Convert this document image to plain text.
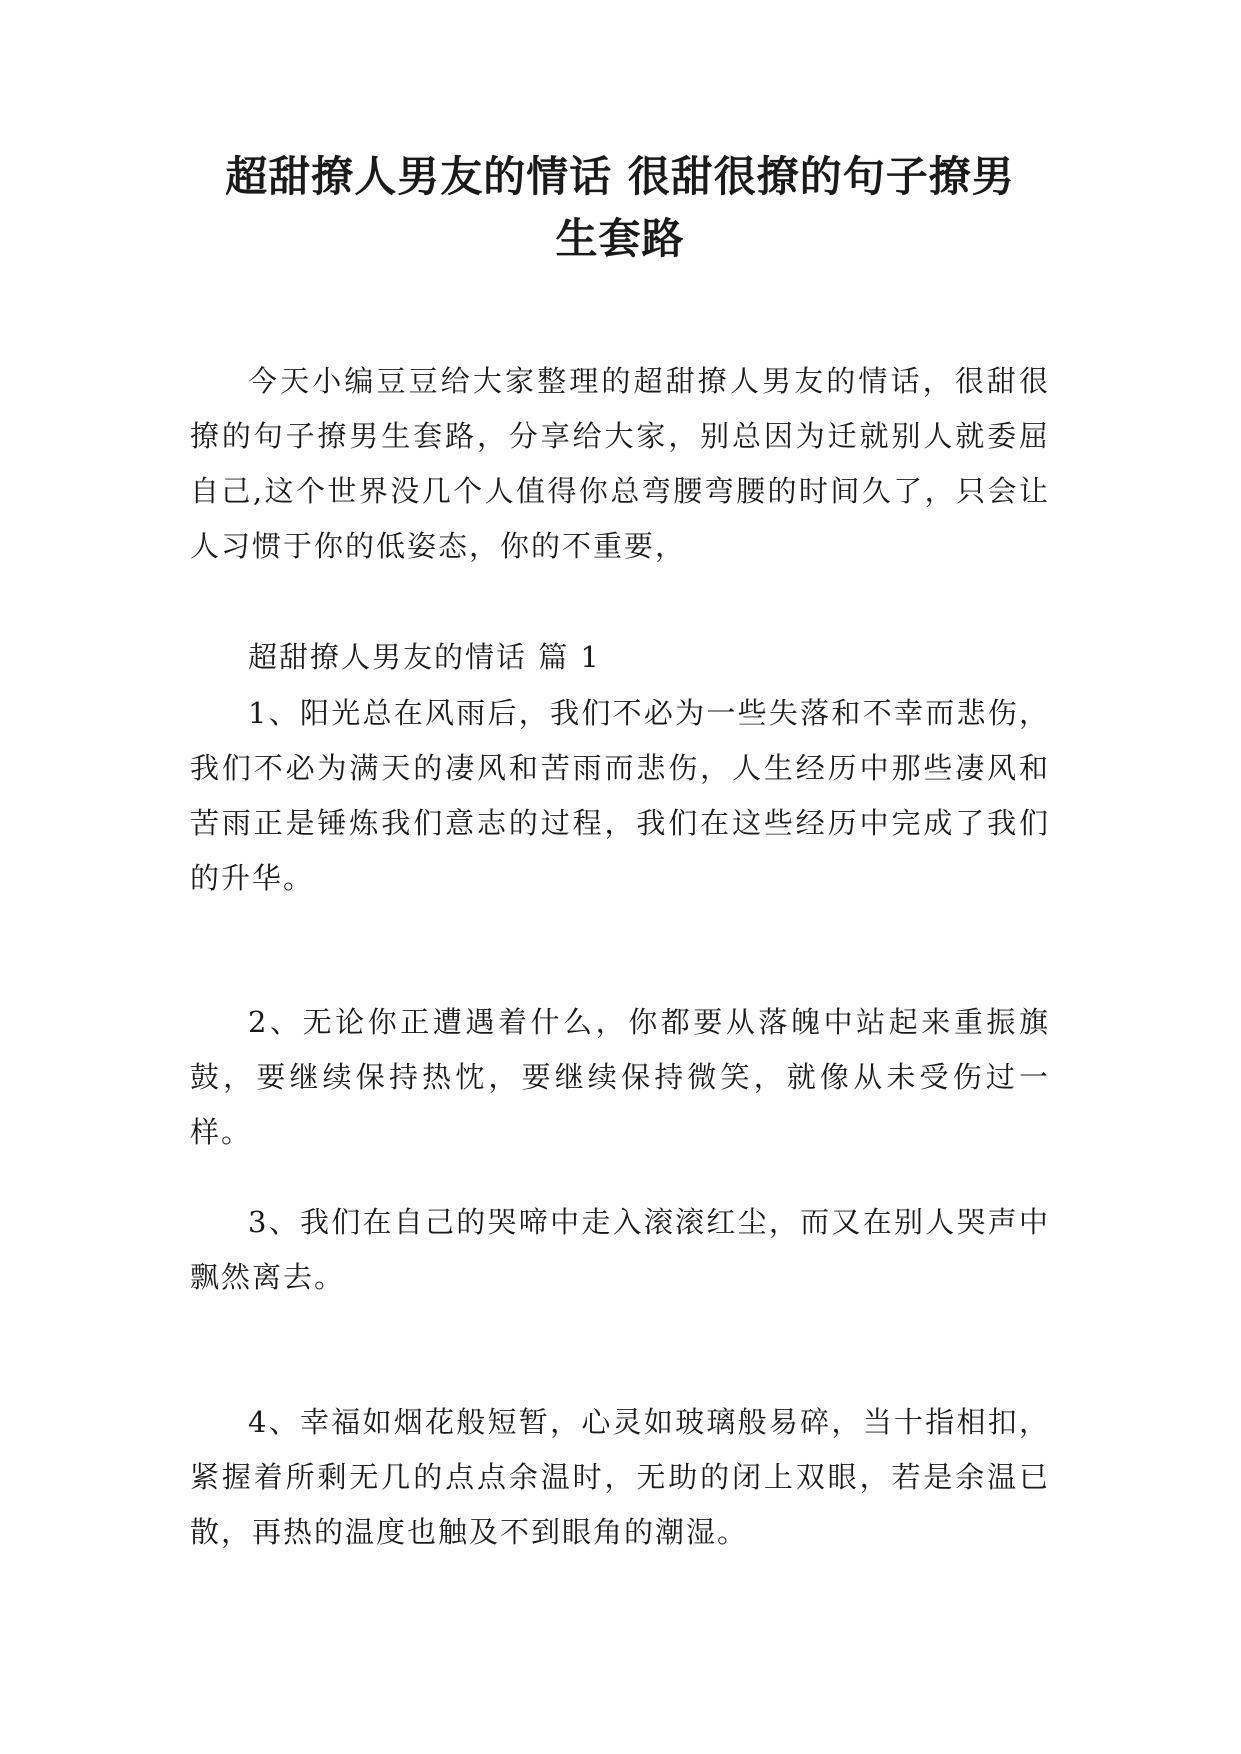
超甜撩人男友的情话 很甜很撩的句子撩男
生套路

今天小编豆豆给大家整理的超甜撩人男友的情话，很甜很撩的句子撩男生套路，分享给大家，别总因为迁就别人就委屈自己,这个世界没几个人值得你总弯腰弯腰的时间久了，只会让人习惯于你的低姿态，你的不重要，

超甜撩人男友的情话 篇 1

1、阳光总在风雨后，我们不必为一些失落和不幸而悲伤，我们不必为满天的凄风和苦雨而悲伤，人生经历中那些凄风和苦雨正是锤炼我们意志的过程，我们在这些经历中完成了我们的升华。

2、无论你正遭遇着什么，你都要从落魄中站起来重振旗鼓，要继续保持热忱，要继续保持微笑，就像从未受伤过一样。

3、我们在自己的哭啼中走入滚滚红尘，而又在别人哭声中飘然离去。

4、幸福如烟花般短暂，心灵如玻璃般易碎，当十指相扣，紧握着所剩无几的点点余温时，无助的闭上双眼，若是余温已散，再热的温度也触及不到眼角的潮湿。
